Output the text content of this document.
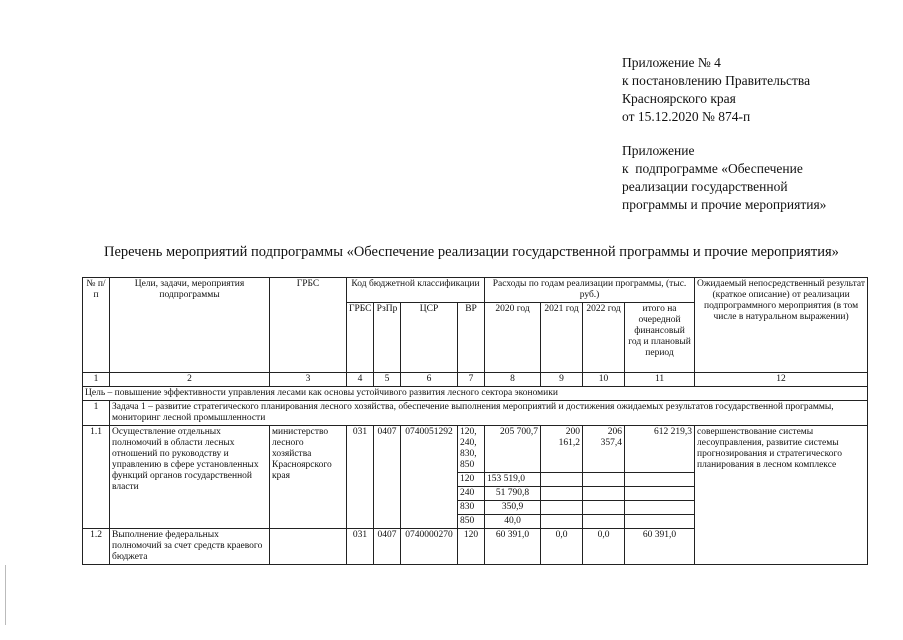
Приложение № 4
к постановлению Правительства
Красноярского края
от 15.12.2020 № 874-п
Приложение
к  подпрограмме «Обеспечение
реализации государственной
программы и прочие мероприятия»
Перечень мероприятий подпрограммы «Обеспечение реализации государственной программы и прочие мероприятия»
№ п/п	Цели, задачи, мероприятия подпрограммы	ГРБС	Код бюджетной классификации				Расходы по годам реализации программы, (тыс. руб.)				Ожидаемый непосредственный результат (краткое описание) от реализации подпрограммного мероприятия (в том числе в натуральном выражении)
			ГРБС	РзПр	ЦСР	ВР	2020 год	2021 год	2022 год	итого на очередной финансовый год и плановый период	
1	2	3	4	5	6	7	8	9	10	11	12
Цель – повышение эффективности управления лесами как основы устойчивого развития лесного сектора экономики											
1	Задача 1 – развитие стратегического планирования лесного хозяйства, обеспечение выполнения мероприятий и достижения ожидаемых результатов государственной программы, мониторинг лесной промышленности										
1.1	Осуществление отдельных полномочий в области лесных отношений по руководству и управлению в сфере установленных функций органов государственной власти	министерство лесного хозяйства Красноярского края	031	0407	0740051292	120, 240, 830, 850	205 700,7	200 161,2	206 357,4	612 219,3	совершенствование системы лесоуправления, развитие системы прогнозирования и стратегического планирования в лесном комплексе
						120	153 519,0				
						240	51 790,8				
						830	350,9				
						850	40,0				
1.2	Выполнение федеральных полномочий за счет средств краевого бюджета		031	0407	0740000270	120	60 391,0	0,0	0,0	60 391,0	
